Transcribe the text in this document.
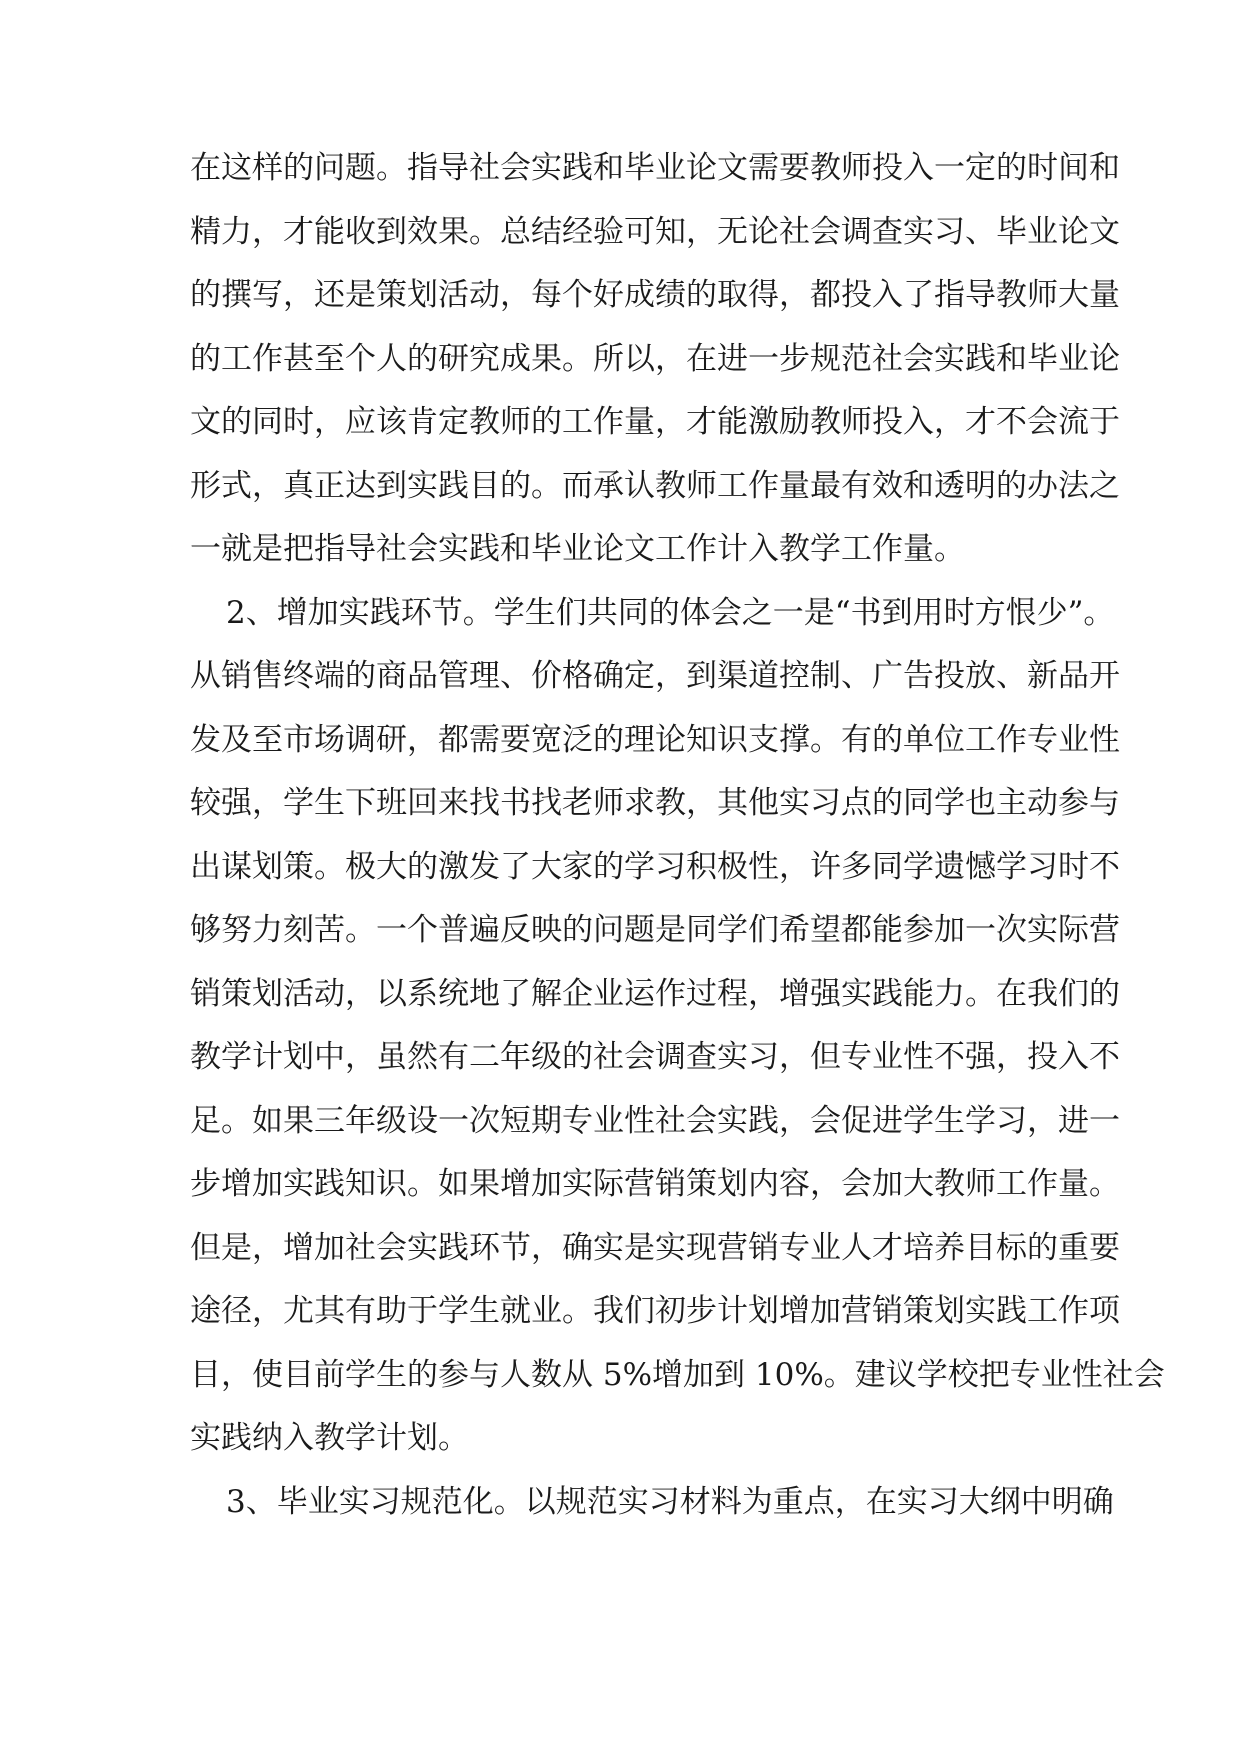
在这样的问题。指导社会实践和毕业论文需要教师投入一定的时间和
精力，才能收到效果。总结经验可知，无论社会调查实习、毕业论文
的撰写，还是策划活动，每个好成绩的取得，都投入了指导教师大量
的工作甚至个人的研究成果。所以，在进一步规范社会实践和毕业论
文的同时，应该肯定教师的工作量，才能激励教师投入，才不会流于
形式，真正达到实践目的。而承认教师工作量最有效和透明的办法之
一就是把指导社会实践和毕业论文工作计入教学工作量。
2、增加实践环节。学生们共同的体会之一是“书到用时方恨少”。
从销售终端的商品管理、价格确定，到渠道控制、广告投放、新品开
发及至市场调研，都需要宽泛的理论知识支撑。有的单位工作专业性
较强，学生下班回来找书找老师求教，其他实习点的同学也主动参与
出谋划策。极大的激发了大家的学习积极性，许多同学遗憾学习时不
够努力刻苦。一个普遍反映的问题是同学们希望都能参加一次实际营
销策划活动，以系统地了解企业运作过程，增强实践能力。在我们的
教学计划中，虽然有二年级的社会调查实习，但专业性不强，投入不
足。如果三年级设一次短期专业性社会实践，会促进学生学习，进一
步增加实践知识。如果增加实际营销策划内容，会加大教师工作量。
但是，增加社会实践环节，确实是实现营销专业人才培养目标的重要
途径，尤其有助于学生就业。我们初步计划增加营销策划实践工作项
目，使目前学生的参与人数从 5%增加到 10%。建议学校把专业性社会
实践纳入教学计划。
3、毕业实习规范化。以规范实习材料为重点，在实习大纲中明确
